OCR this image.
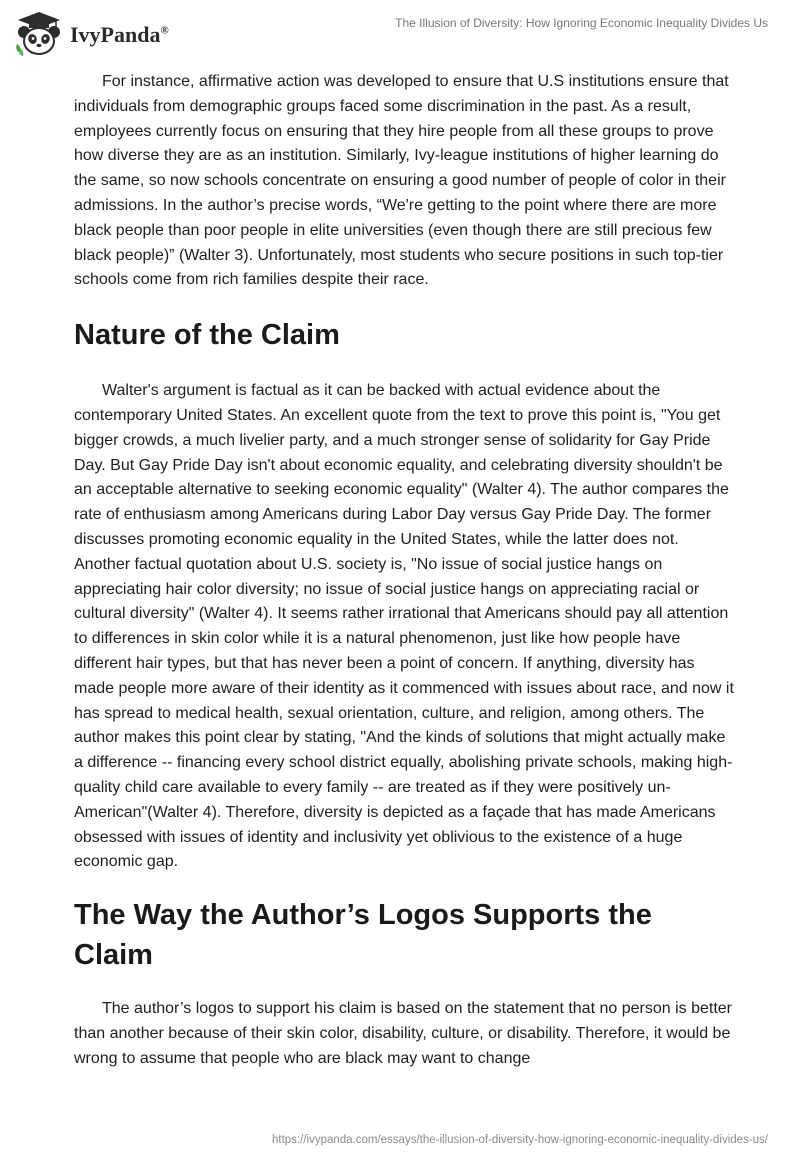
IvyPanda®
The Illusion of Diversity: How Ignoring Economic Inequality Divides Us

For instance, affirmative action was developed to ensure that U.S institutions ensure that individuals from demographic groups faced some discrimination in the past. As a result, employees currently focus on ensuring that they hire people from all these groups to prove how diverse they are as an institution. Similarly, Ivy-league institutions of higher learning do the same, so now schools concentrate on ensuring a good number of people of color in their admissions. In the author’s precise words, “We're getting to the point where there are more black people than poor people in elite universities (even though there are still precious few black people)” (Walter 3). Unfortunately, most students who secure positions in such top-tier schools come from rich families despite their race.

Nature of the Claim

Walter's argument is factual as it can be backed with actual evidence about the contemporary United States. An excellent quote from the text to prove this point is, "You get bigger crowds, a much livelier party, and a much stronger sense of solidarity for Gay Pride Day. But Gay Pride Day isn't about economic equality, and celebrating diversity shouldn't be an acceptable alternative to seeking economic equality" (Walter 4). The author compares the rate of enthusiasm among Americans during Labor Day versus Gay Pride Day. The former discusses promoting economic equality in the United States, while the latter does not. Another factual quotation about U.S. society is, "No issue of social justice hangs on appreciating hair color diversity; no issue of social justice hangs on appreciating racial or cultural diversity" (Walter 4). It seems rather irrational that Americans should pay all attention to differences in skin color while it is a natural phenomenon, just like how people have different hair types, but that has never been a point of concern. If anything, diversity has made people more aware of their identity as it commenced with issues about race, and now it has spread to medical health, sexual orientation, culture, and religion, among others. The author makes this point clear by stating, "And the kinds of solutions that might actually make a difference -- financing every school district equally, abolishing private schools, making high-quality child care available to every family -- are treated as if they were positively un-American"(Walter 4). Therefore, diversity is depicted as a façade that has made Americans obsessed with issues of identity and inclusivity yet oblivious to the existence of a huge economic gap.

The Way the Author’s Logos Supports the Claim

The author’s logos to support his claim is based on the statement that no person is better than another because of their skin color, disability, culture, or disability. Therefore, it would be wrong to assume that people who are black may want to change

https://ivypanda.com/essays/the-illusion-of-diversity-how-ignoring-economic-inequality-divides-us/
